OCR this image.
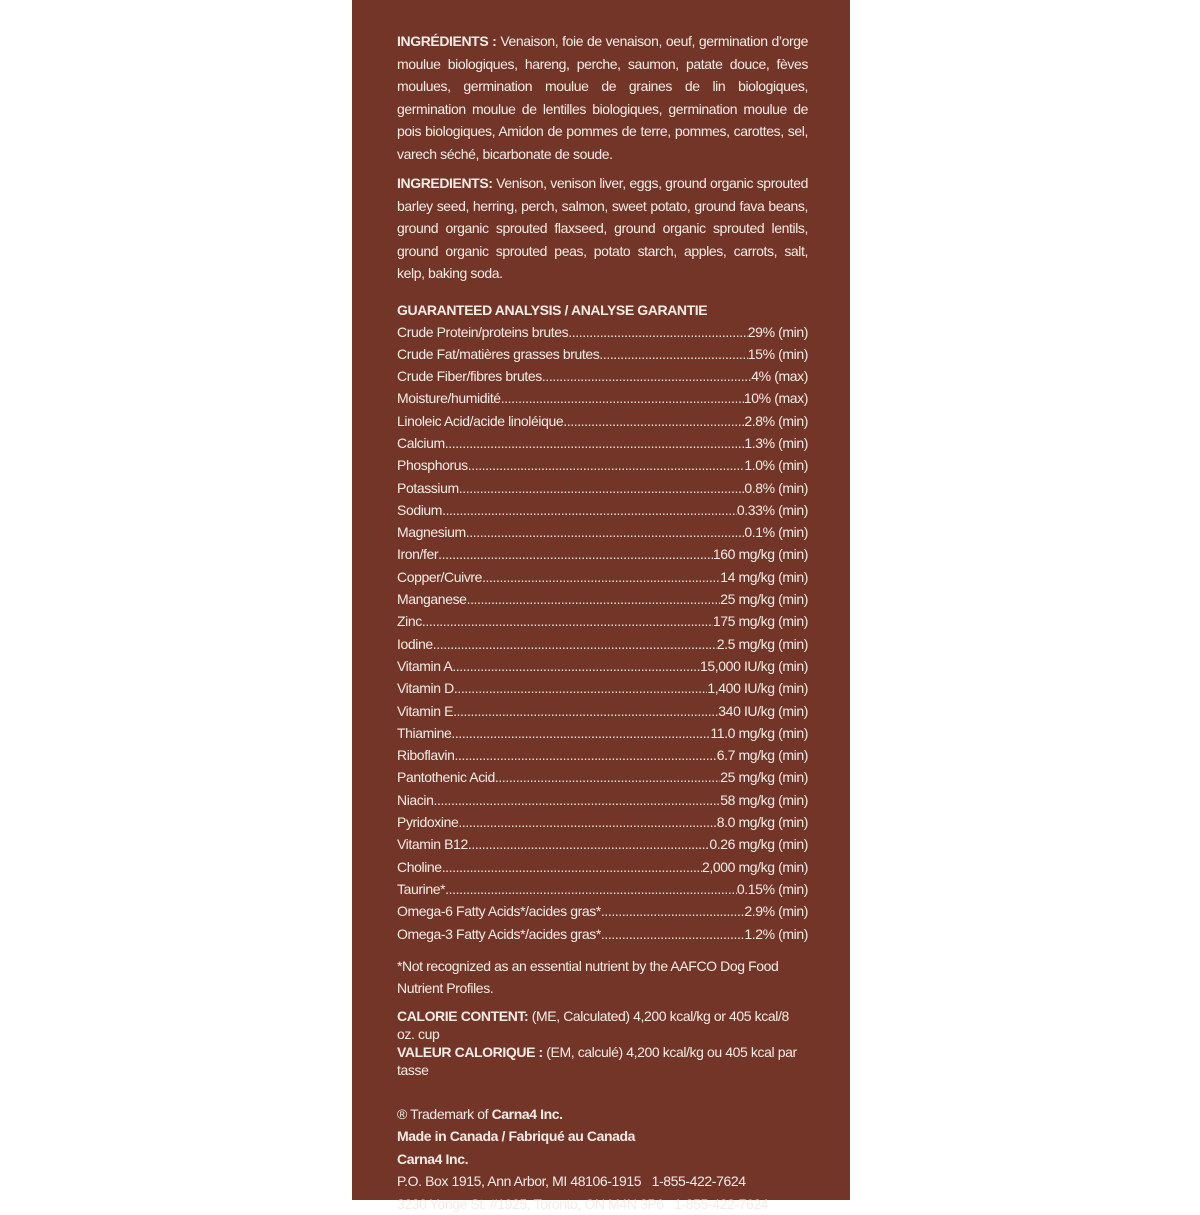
INGRÉDIENTS : Venaison, foie de venaison, oeuf, germination d’orge moulue biologiques, hareng, perche, saumon, patate douce, fèves moulues, germination moulue de graines de lin biologiques, germination moulue de lentilles biologiques, germination moulue de pois biologiques, Amidon de pommes de terre, pommes, carottes, sel, varech séché, bicarbonate de soude.

INGREDIENTS: Venison, venison liver, eggs, ground organic sprouted barley seed, herring, perch, salmon, sweet potato, ground fava beans, ground organic sprouted flaxseed, ground organic sprouted lentils, ground organic sprouted peas, potato starch, apples, carrots, salt, kelp, baking soda.

GUARANTEED ANALYSIS / ANALYSE GARANTIE
Crude Protein/proteins brutes .....	29% (min)
Crude Fat/matières grasses brutes .....	15% (min)
Crude Fiber/fibres brutes .....	4% (max)
Moisture/humidité .....	10% (max)
Linoleic Acid/acide linoléique .....	2.8% (min)
Calcium .....	1.3% (min)
Phosphorus .....	1.0% (min)
Potassium .....	0.8% (min)
Sodium .....	0.33% (min)
Magnesium .....	0.1% (min)
Iron/fer .....	160 mg/kg (min)
Copper/Cuivre .....	14 mg/kg (min)
Manganese .....	25 mg/kg (min)
Zinc .....	175 mg/kg (min)
Iodine .....	2.5 mg/kg (min)
Vitamin A .....	15,000 IU/kg (min)
Vitamin D .....	1,400 IU/kg (min)
Vitamin E .....	340 IU/kg (min)
Thiamine .....	11.0 mg/kg (min)
Riboflavin .....	6.7 mg/kg (min)
Pantothenic Acid .....	25 mg/kg (min)
Niacin .....	58 mg/kg (min)
Pyridoxine .....	8.0 mg/kg (min)
Vitamin B12 .....	0.26 mg/kg (min)
Choline .....	2,000 mg/kg (min)
Taurine* .....	0.15% (min)
Omega-6 Fatty Acids*/acides gras* .....	2.9% (min)
Omega-3 Fatty Acids*/acides gras* .....	1.2% (min)
*Not recognized as an essential nutrient by the AAFCO Dog Food Nutrient Profiles.
CALORIE CONTENT: (ME, Calculated) 4,200 kcal/kg or 405 kcal/8 oz. cup
VALEUR CALORIQUE : (EM, calculé) 4,200 kcal/kg ou 405 kcal par tasse
® Trademark of Carna4 Inc.
Made in Canada / Fabriqué au Canada
Carna4 Inc.
P.O. Box 1915, Ann Arbor, MI 48106-1915   1-855-422-7624
3230 Yonge St. #1925, Toronto, ON M4N 3P6   1-855-422-7624
